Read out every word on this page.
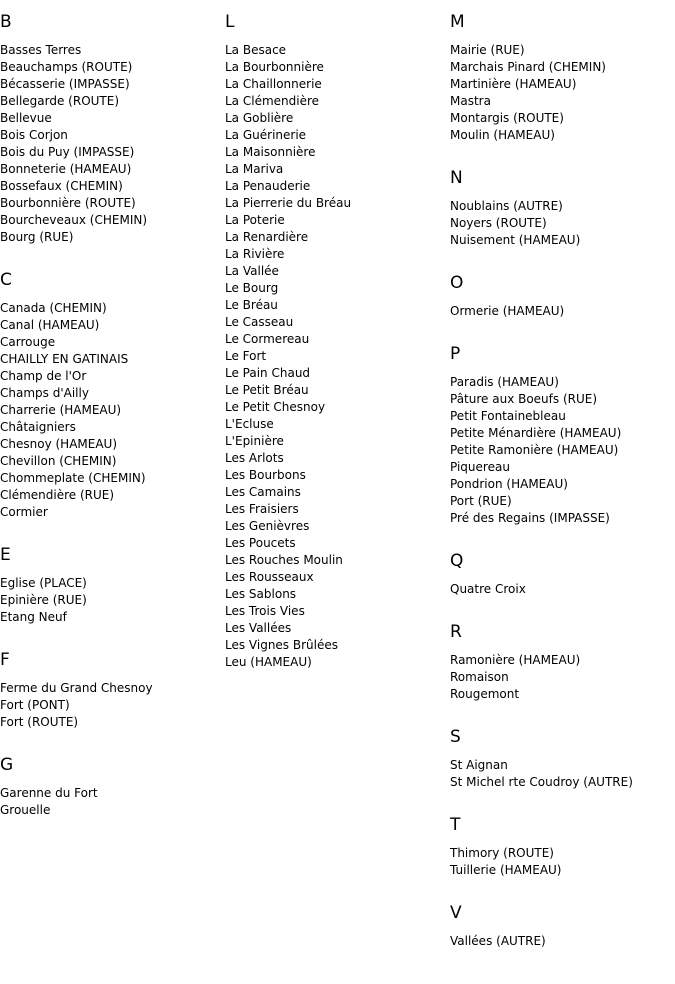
B
Basses Terres
Beauchamps (ROUTE)
Bécasserie (IMPASSE)
Bellegarde (ROUTE)
Bellevue
Bois Corjon
Bois du Puy (IMPASSE)
Bonneterie (HAMEAU)
Bossefaux (CHEMIN)
Bourbonnière (ROUTE)
Bourcheveaux (CHEMIN)
Bourg (RUE)
C
Canada (CHEMIN)
Canal (HAMEAU)
Carrouge
CHAILLY EN GATINAIS
Champ de l'Or
Champs d'Ailly
Charrerie (HAMEAU)
Châtaigniers
Chesnoy (HAMEAU)
Chevillon (CHEMIN)
Chommeplate (CHEMIN)
Clémendière (RUE)
Cormier
E
Eglise (PLACE)
Epinière (RUE)
Etang Neuf
F
Ferme du Grand Chesnoy
Fort (PONT)
Fort (ROUTE)
G
Garenne du Fort
Grouelle
L
La Besace
La Bourbonnière
La Chaillonnerie
La Clémendière
La Goblière
La Guérinerie
La Maisonnière
La Mariva
La Penauderie
La Pierrerie du Bréau
La Poterie
La Renardière
La Rivière
La Vallée
Le Bourg
Le Bréau
Le Casseau
Le Cormereau
Le Fort
Le Pain Chaud
Le Petit Bréau
Le Petit Chesnoy
L'Ecluse
L'Epinière
Les Arlots
Les Bourbons
Les Camains
Les Fraisiers
Les Genièvres
Les Poucets
Les Rouches Moulin
Les Rousseaux
Les Sablons
Les Trois Vies
Les Vallées
Les Vignes Brûlées
Leu (HAMEAU)
M
Mairie (RUE)
Marchais Pinard (CHEMIN)
Martinière (HAMEAU)
Mastra
Montargis (ROUTE)
Moulin (HAMEAU)
N
Noublains (AUTRE)
Noyers (ROUTE)
Nuisement (HAMEAU)
O
Ormerie (HAMEAU)
P
Paradis (HAMEAU)
Pâture aux Boeufs (RUE)
Petit Fontainebleau
Petite Ménardière (HAMEAU)
Petite Ramonière (HAMEAU)
Piquereau
Pondrion (HAMEAU)
Port (RUE)
Pré des Regains (IMPASSE)
Q
Quatre Croix
R
Ramonière (HAMEAU)
Romaison
Rougemont
S
St Aignan
St Michel rte Coudroy (AUTRE)
T
Thimory (ROUTE)
Tuillerie (HAMEAU)
V
Vallées (AUTRE)
